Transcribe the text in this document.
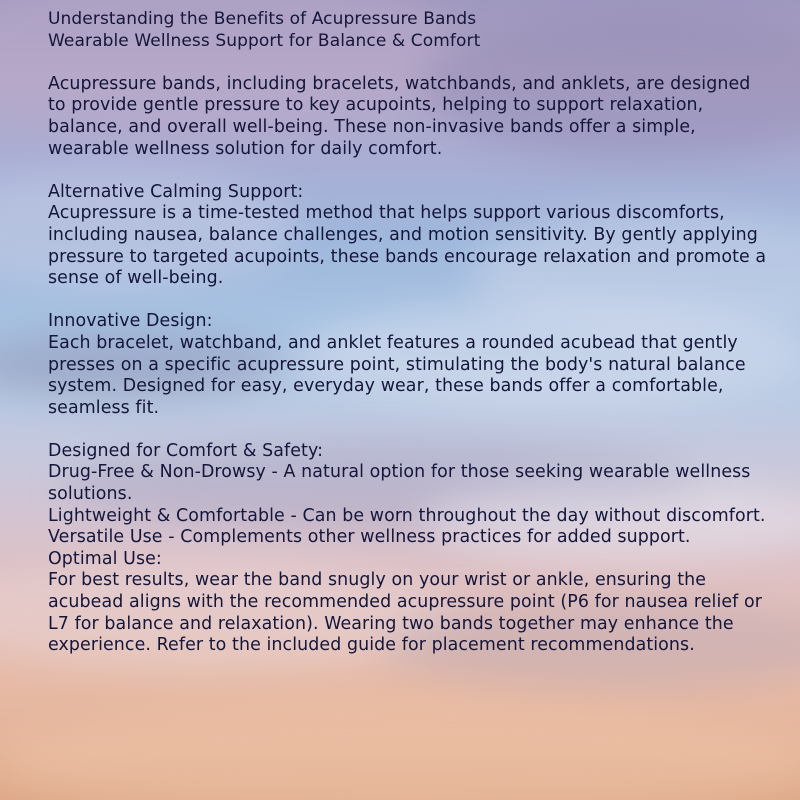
Understanding the Benefits of Acupressure Bands

Wearable Wellness Support for Balance & Comfort

Acupressure bands, including bracelets, watchbands, and anklets, are designed to provide gentle pressure to key acupoints, helping to support relaxation, balance, and overall well-being. These non-invasive bands offer a simple, wearable wellness solution for daily comfort.

Alternative Calming Support:

Acupressure is a time-tested method that helps support various discomforts, including nausea, balance challenges, and motion sensitivity. By gently applying pressure to targeted acupoints, these bands encourage relaxation and promote a sense of well-being.

Innovative Design:

Each bracelet, watchband, and anklet features a rounded acubead that gently presses on a specific acupressure point, stimulating the body's natural balance system. Designed for easy, everyday wear, these bands offer a comfortable, seamless fit.

Designed for Comfort & Safety:

Drug-Free & Non-Drowsy - A natural option for those seeking wearable wellness solutions.

Lightweight & Comfortable - Can be worn throughout the day without discomfort.

Versatile Use - Complements other wellness practices for added support.

Optimal Use:

For best results, wear the band snugly on your wrist or ankle, ensuring the acubead aligns with the recommended acupressure point (P6 for nausea relief or L7 for balance and relaxation). Wearing two bands together may enhance the experience. Refer to the included guide for placement recommendations.
